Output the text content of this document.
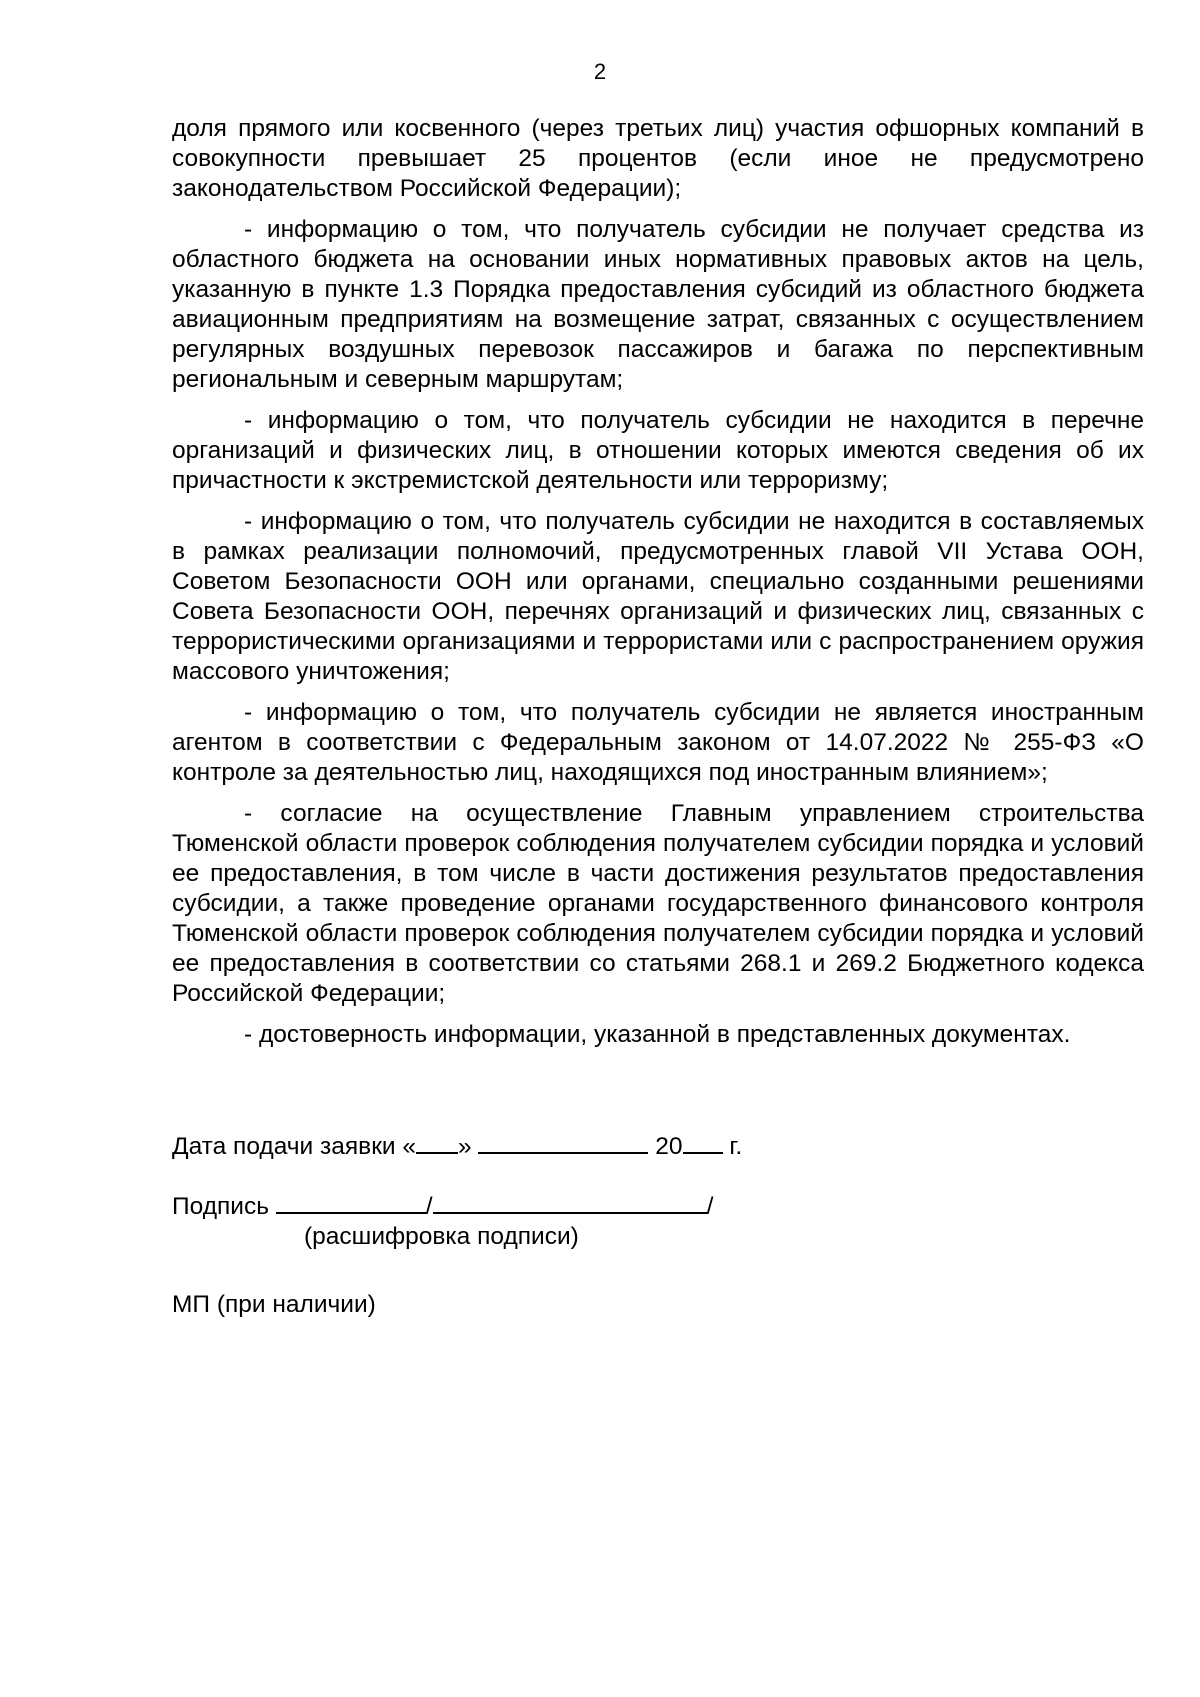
2

доля прямого или косвенного (через третьих лиц) участия офшорных компаний в совокупности превышает 25 процентов (если иное не предусмотрено законодательством Российской Федерации);

- информацию о том, что получатель субсидии не получает средства из областного бюджета на основании иных нормативных правовых актов на цель, указанную в пункте 1.3 Порядка предоставления субсидий из областного бюджета авиационным предприятиям на возмещение затрат, связанных с осуществлением регулярных воздушных перевозок пассажиров и багажа по перспективным региональным и северным маршрутам;

- информацию о том, что получатель субсидии не находится в перечне организаций и физических лиц, в отношении которых имеются сведения об их причастности к экстремистской деятельности или терроризму;

- информацию о том, что получатель субсидии не находится в составляемых в рамках реализации полномочий, предусмотренных главой VII Устава ООН, Советом Безопасности ООН или органами, специально созданными решениями Совета Безопасности ООН, перечнях организаций и физических лиц, связанных с террористическими организациями и террористами или с распространением оружия массового уничтожения;

- информацию о том, что получатель субсидии не является иностранным агентом в соответствии с Федеральным законом от 14.07.2022 № 255-ФЗ «О контроле за деятельностью лиц, находящихся под иностранным влиянием»;

- согласие на осуществление Главным управлением строительства Тюменской области проверок соблюдения получателем субсидии порядка и условий ее предоставления, в том числе в части достижения результатов предоставления субсидии, а также проведение органами государственного финансового контроля Тюменской области проверок соблюдения получателем субсидии порядка и условий ее предоставления в соответствии со статьями 268.1 и 269.2 Бюджетного кодекса Российской Федерации;

- достоверность информации, указанной в представленных документах.

Дата подачи заявки « »	20 г.
Подпись	/	/
(расшифровка подписи)
МП (при наличии)
